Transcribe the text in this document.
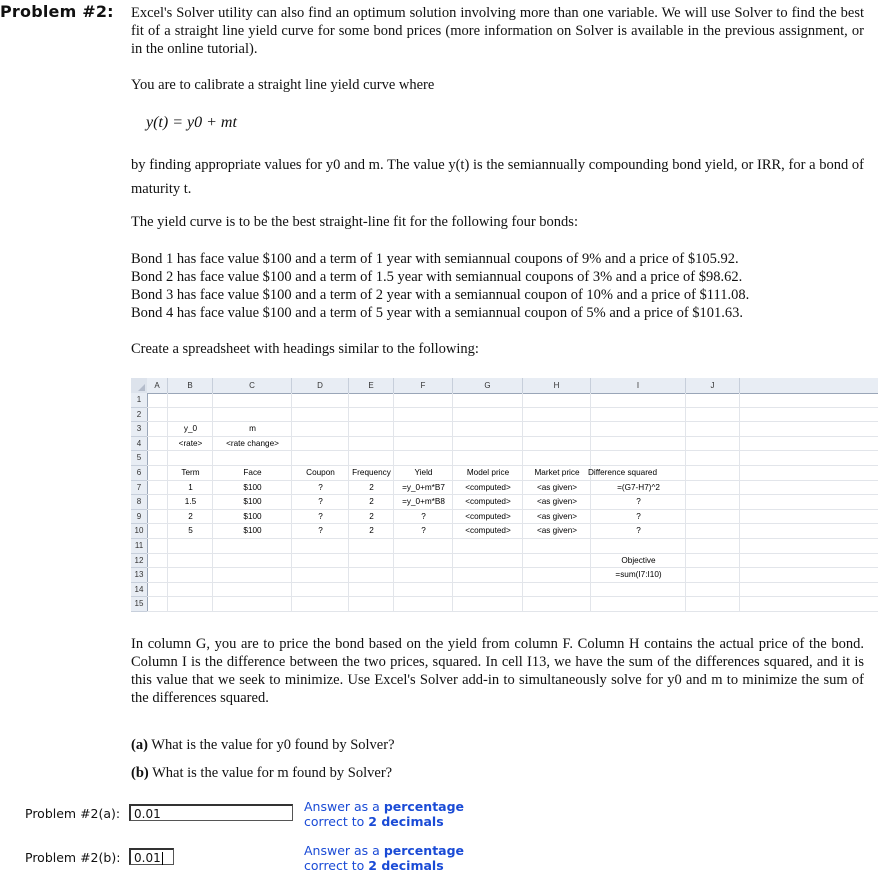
Problem #2: Excel's Solver utility can also find an optimum solution involving more than one variable. We will use Solver to find the best fit of a straight line yield curve for some bond prices (more information on Solver is available in the previous assignment, or in the online tutorial).
You are to calibrate a straight line yield curve where
y(t) = y0 + mt
by finding appropriate values for y0 and m. The value y(t) is the semiannually compounding bond yield, or IRR, for a bond of maturity t.
The yield curve is to be the best straight-line fit for the following four bonds:
Bond 1 has face value $100 and a term of 1 year with semiannual coupons of 9% and a price of $105.92.
Bond 2 has face value $100 and a term of 1.5 year with semiannual coupons of 3% and a price of $98.62.
Bond 3 has face value $100 and a term of 2 year with a semiannual coupon of 10% and a price of $111.08.
Bond 4 has face value $100 and a term of 5 year with a semiannual coupon of 5% and a price of $101.63.
Create a spreadsheet with headings similar to the following:
A	B	C	D	E	F	G	H	I	J
1
2
3
4
5
6
7
8
9
10
11
12
13
14
15
y_0	m
<rate>	<rate change>
Term	Face	Coupon	Frequency	Yield	Model price	Market price	Difference squared
1	$100	?	2	=y_0+m*B7	<computed>	<as given>	=(G7-H7)^2
1.5	$100	?	2	=y_0+m*B8	<computed>	<as given>	?
2	$100	?	2	?	<computed>	<as given>	?
5	$100	?	2	?	<computed>	<as given>	?
Objective
=sum(I7:I10)
In column G, you are to price the bond based on the yield from column F. Column H contains the actual price of the bond. Column I is the difference between the two prices, squared. In cell I13, we have the sum of the differences squared, and it is this value that we seek to minimize. Use Excel's Solver add-in to simultaneously solve for y0 and m to minimize the sum of the differences squared.
(a) What is the value for y0 found by Solver?
(b) What is the value for m found by Solver?
Problem #2(a):	0.01	Answer as a percentage
correct to 2 decimals
Problem #2(b):	0.01	Answer as a percentage
correct to 2 decimals
